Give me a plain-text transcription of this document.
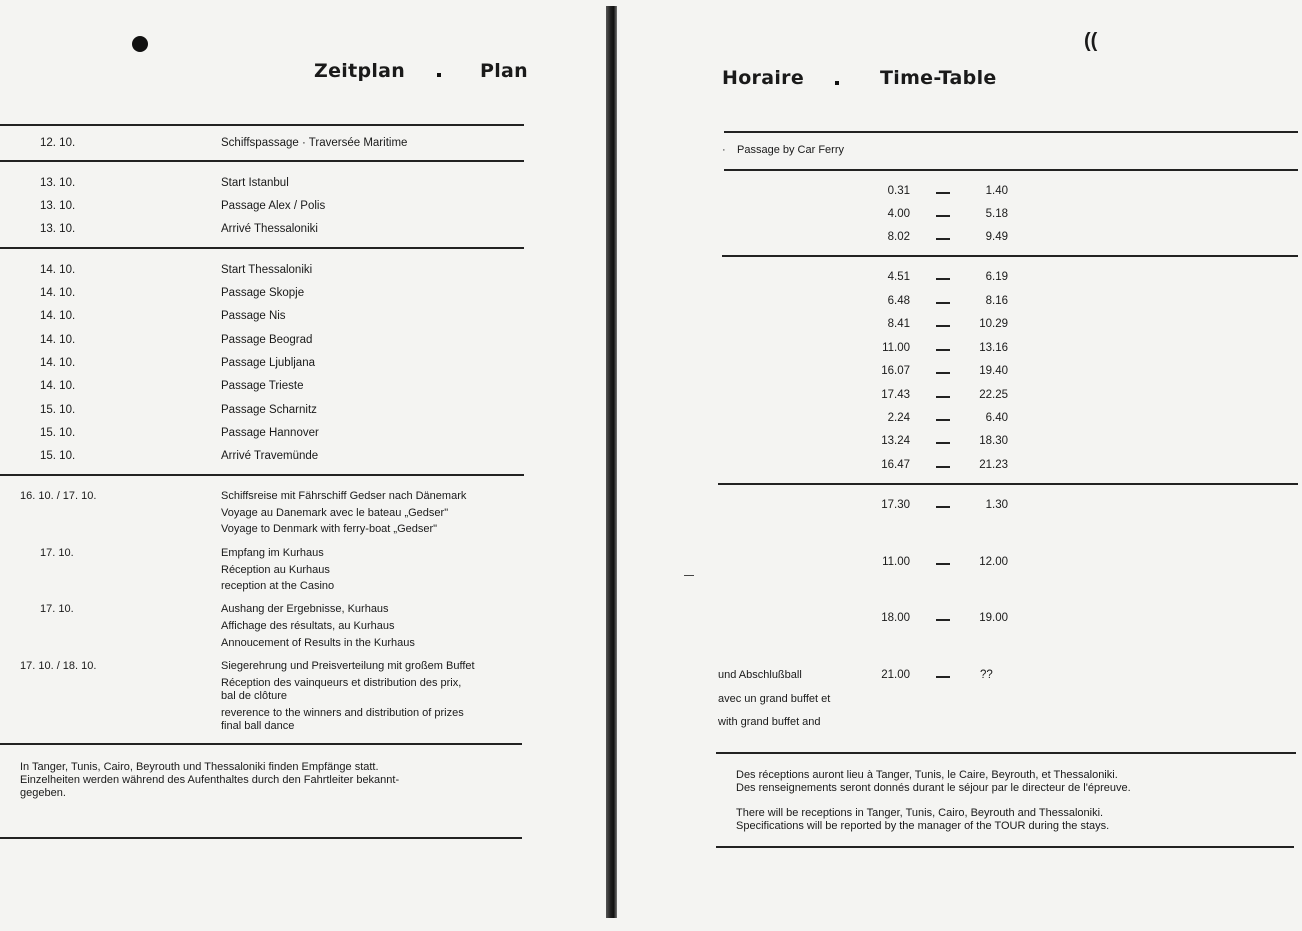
Zeitplan	Plan
12. 10.	Schiffspassage · Traversée Maritime
13. 10.	Start Istanbul
13. 10.	Passage Alex / Polis
13. 10.	Arrivé Thessaloniki
14. 10.	Start Thessaloniki
14. 10.	Passage Skopje
14. 10.	Passage Nis
14. 10.	Passage Beograd
14. 10.	Passage Ljubljana
14. 10.	Passage Trieste
15. 10.	Passage Scharnitz
15. 10.	Passage Hannover
15. 10.	Arrivé Travemünde
16. 10. / 17. 10.	Schiffsreise mit Fährschiff Gedser nach Dänemark
Voyage au Danemark avec le bateau „Gedser"
Voyage to Denmark with ferry-boat „Gedser"
17. 10.	Empfang im Kurhaus
Réception au Kurhaus
reception at the Casino
17. 10.	Aushang der Ergebnisse, Kurhaus
Affichage des résultats, au Kurhaus
Annoucement of Results in the Kurhaus
17. 10. / 18. 10.	Siegerehrung und Preisverteilung mit großem Buffet
Réception des vainqueurs et distribution des prix,
bal de clôture
reverence to the winners and distribution of prizes
final ball dance
In Tanger, Tunis, Cairo, Beyrouth und Thessaloniki finden Empfänge statt.
Einzelheiten werden während des Aufenthaltes durch den Fahrtleiter bekannt-
gegeben.
((
Horaire	Time-Table
· Passage by Car Ferry
0.31	1.40
4.00	5.18
8.02	9.49
4.51	6.19
6.48	8.16
8.41	10.29
11.00	13.16
16.07	19.40
17.43	22.25
2.24	6.40
13.24	18.30
16.47	21.23
17.30	1.30
11.00	12.00
18.00	19.00
und Abschlußball	21.00	??
avec un grand buffet et
with grand buffet and
Des réceptions auront lieu à Tanger, Tunis, le Caire, Beyrouth, et Thessaloniki.
Des renseignements seront donnés durant le séjour par le directeur de l'épreuve.
There will be receptions in Tanger, Tunis, Cairo, Beyrouth and Thessaloniki.
Specifications will be reported by the manager of the TOUR during the stays.
